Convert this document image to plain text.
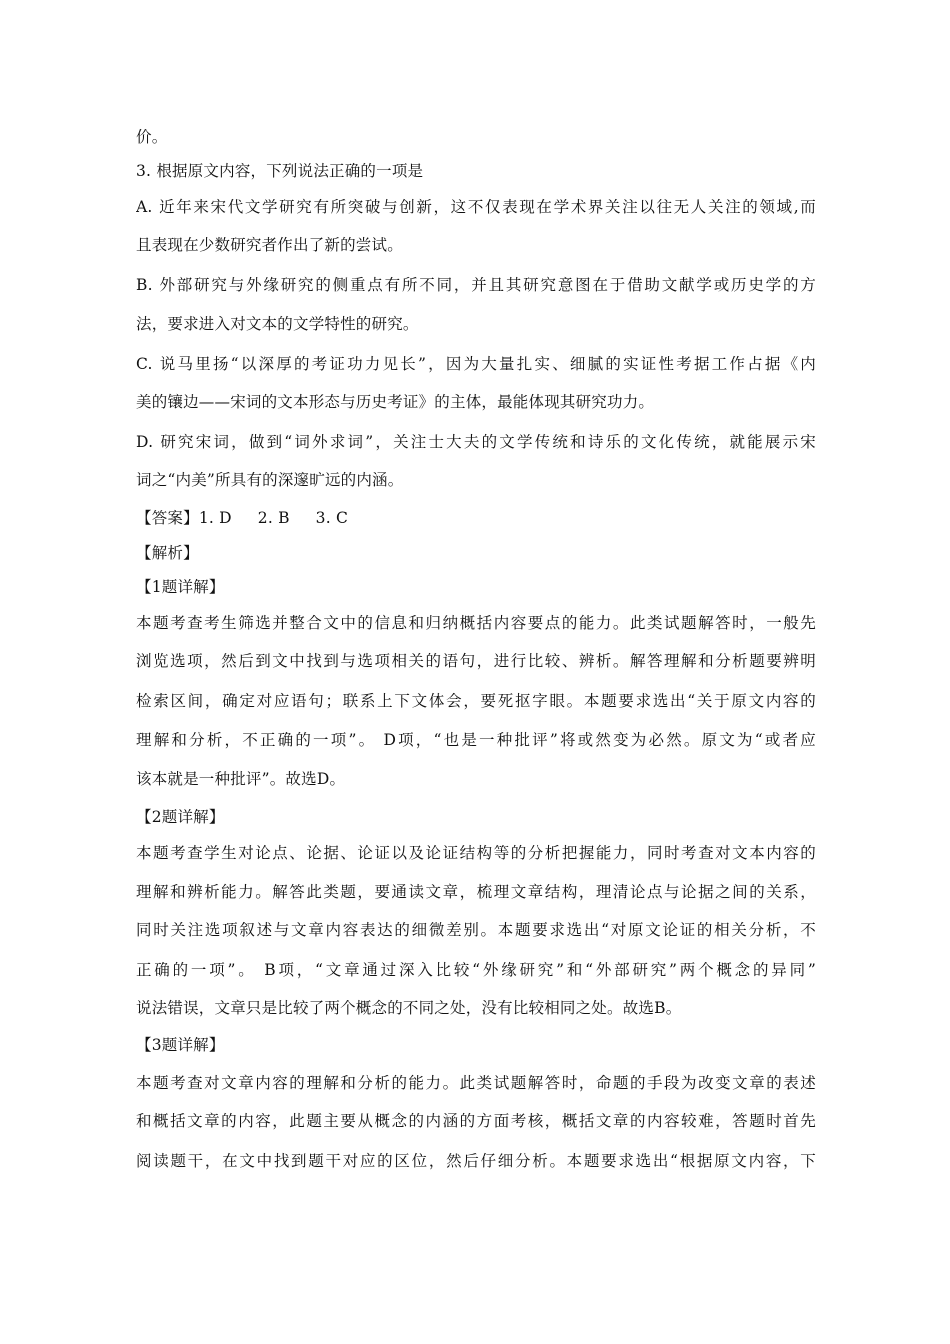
价。
3. 根据原文内容，下列说法正确的一项是
A. 近年来宋代文学研究有所突破与创新，这不仅表现在学术界关注以往无人关注的领域,而
且表现在少数研究者作出了新的尝试。
B. 外部研究与外缘研究的侧重点有所不同，并且其研究意图在于借助文献学或历史学的方
法，要求进入对文本的文学特性的研究。
C. 说马里扬“以深厚的考证功力见长”，因为大量扎实、细腻的实证性考据工作占据《内
美的镶边——宋词的文本形态与历史考证》的主体，最能体现其研究功力。
D. 研究宋词，做到“词外求词”，关注士大夫的文学传统和诗乐的文化传统，就能展示宋
词之“内美”所具有的深邃旷远的内涵。
【答案】1. D 2. B 3. C
【解析】
【1题详解】
本题考查考生筛选并整合文中的信息和归纳概括内容要点的能力。此类试题解答时，一般先
浏览选项，然后到文中找到与选项相关的语句，进行比较、辨析。解答理解和分析题要辨明
检索区间，确定对应语句；联系上下文体会，要死抠字眼。本题要求选出“关于原文内容的
理解和分析，不正确的一项”。 D项，“也是一种批评”将或然变为必然。原文为“或者应
该本就是一种批评”。故选D。
【2题详解】
本题考查学生对论点、论据、论证以及论证结构等的分析把握能力，同时考查对文本内容的
理解和辨析能力。解答此类题，要通读文章，梳理文章结构，理清论点与论据之间的关系，
同时关注选项叙述与文章内容表达的细微差别。本题要求选出“对原文论证的相关分析，不
正确的一项”。 B项，“文章通过深入比较“外缘研究”和“外部研究”两个概念的异同”
说法错误，文章只是比较了两个概念的不同之处，没有比较相同之处。故选B。
【3题详解】
本题考查对文章内容的理解和分析的能力。此类试题解答时，命题的手段为改变文章的表述
和概括文章的内容，此题主要从概念的内涵的方面考核，概括文章的内容较难，答题时首先
阅读题干，在文中找到题干对应的区位，然后仔细分析。本题要求选出“根据原文内容，下
